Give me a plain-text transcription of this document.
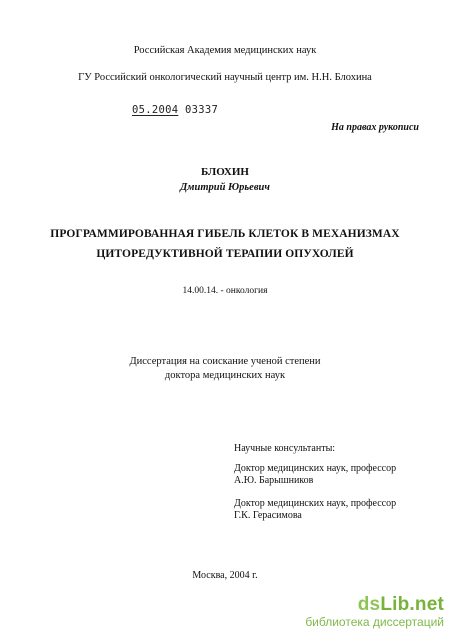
Российская Академия медицинских наук
ГУ Российский онкологический научный центр им. Н.Н. Блохина
05.2004 03337
На правах рукописи
БЛОХИН
Дмитрий Юрьевич
ПРОГРАММИРОВАННАЯ ГИБЕЛЬ КЛЕТОК В МЕХАНИЗМАХ
ЦИТОРЕДУКТИВНОЙ ТЕРАПИИ ОПУХОЛЕЙ
14.00.14. - онкология
Диссертация на соискание ученой степени
доктора медицинских наук
Научные консультанты:
Доктор медицинских наук, профессор
А.Ю. Барышников
Доктор медицинских наук, профессор
Г.К. Герасимова
Москва, 2004 г.
dsLib.net
библиотека диссертаций
